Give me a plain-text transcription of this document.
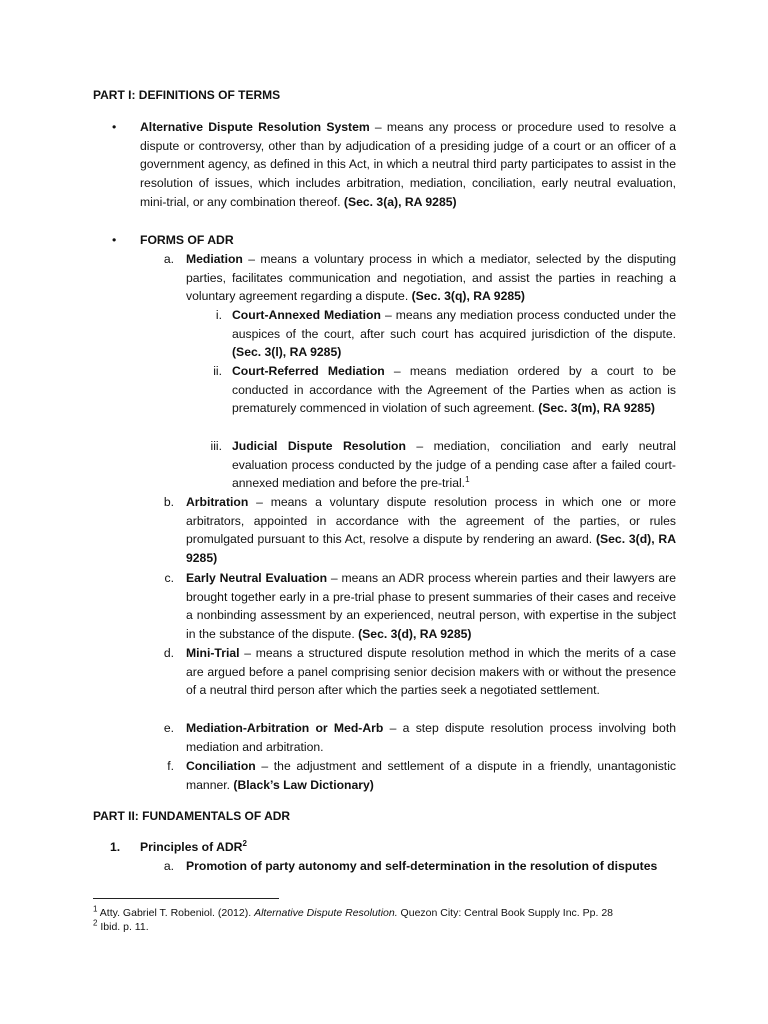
PART I: DEFINITIONS OF TERMS
•	Alternative Dispute Resolution System – means any process or procedure used to resolve a dispute or controversy, other than by adjudication of a presiding judge of a court or an officer of a government agency, as defined in this Act, in which a neutral third party participates to assist in the resolution of issues, which includes arbitration, mediation, conciliation, early neutral evaluation, mini-trial, or any combination thereof. (Sec. 3(a), RA 9285)
•	FORMS OF ADR
a. Mediation – means a voluntary process in which a mediator, selected by the disputing parties, facilitates communication and negotiation, and assist the parties in reaching a voluntary agreement regarding a dispute. (Sec. 3(q), RA 9285)
i. Court-Annexed Mediation – means any mediation process conducted under the auspices of the court, after such court has acquired jurisdiction of the dispute. (Sec. 3(l), RA 9285)
ii. Court-Referred Mediation – means mediation ordered by a court to be conducted in accordance with the Agreement of the Parties when as action is prematurely commenced in violation of such agreement. (Sec. 3(m), RA 9285)
iii. Judicial Dispute Resolution – mediation, conciliation and early neutral evaluation process conducted by the judge of a pending case after a failed court-annexed mediation and before the pre-trial.$^1$
b. Arbitration – means a voluntary dispute resolution process in which one or more arbitrators, appointed in accordance with the agreement of the parties, or rules promulgated pursuant to this Act, resolve a dispute by rendering an award. (Sec. 3(d), RA 9285)
c. Early Neutral Evaluation – means an ADR process wherein parties and their lawyers are brought together early in a pre-trial phase to present summaries of their cases and receive a nonbinding assessment by an experienced, neutral person, with expertise in the subject in the substance of the dispute. (Sec. 3(d), RA 9285)
d. Mini-Trial – means a structured dispute resolution method in which the merits of a case are argued before a panel comprising senior decision makers with or without the presence of a neutral third person after which the parties seek a negotiated settlement.
e. Mediation-Arbitration or Med-Arb – a step dispute resolution process involving both mediation and arbitration.
f. Conciliation – the adjustment and settlement of a dispute in a friendly, unantagonistic manner. (Black’s Law Dictionary)
PART II: FUNDAMENTALS OF ADR
1.	Principles of ADR$^2$
a. Promotion of party autonomy and self-determination in the resolution of disputes
$^1$ Atty. Gabriel T. Robeniol. (2012). Alternative Dispute Resolution. Quezon City: Central Book Supply Inc. Pp. 28
$^2$ Ibid. p. 11.
